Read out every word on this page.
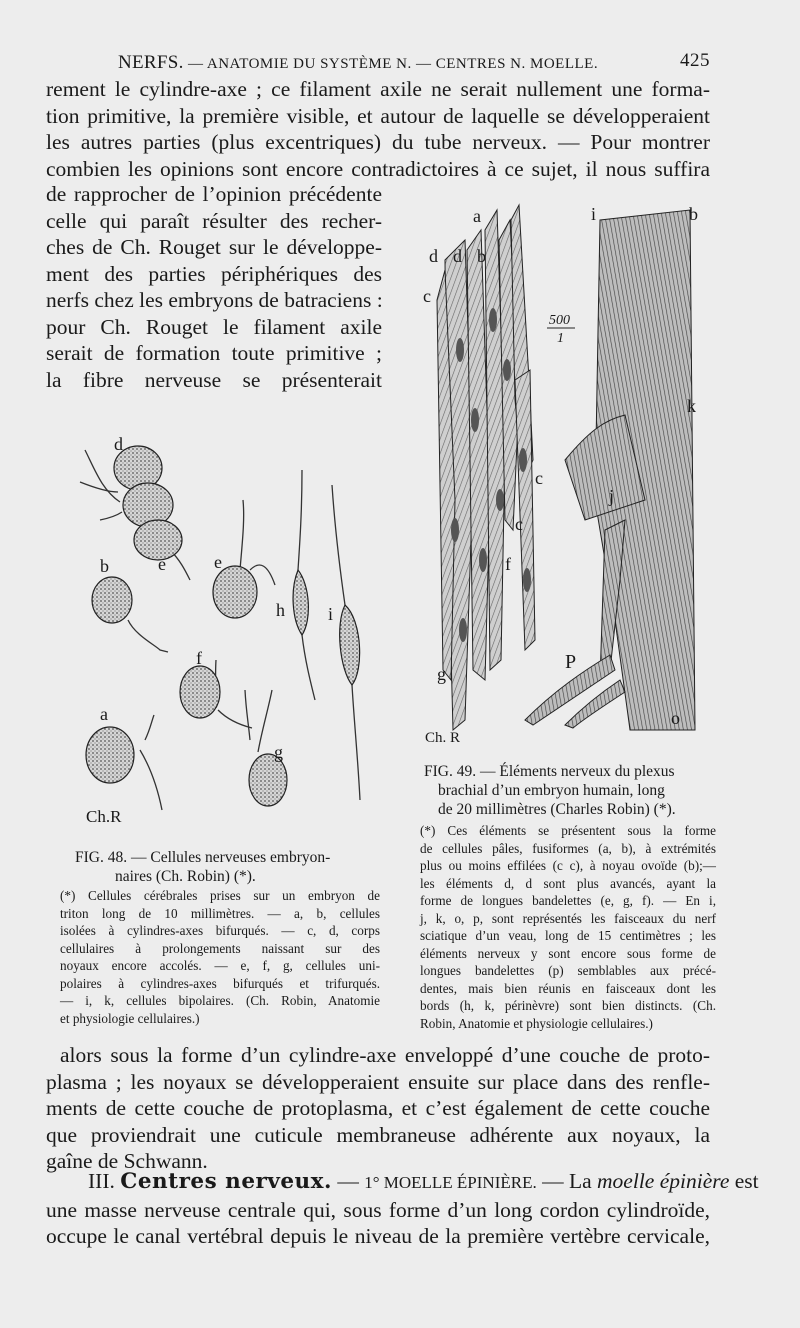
NERFS. — ANATOMIE DU SYSTÈME N. — CENTRES N. MOELLE.	425
rement le cylindre-axe ; ce filament axile ne serait nullement une forma-
tion primitive, la première visible, et autour de laquelle se développeraient
les autres parties (plus excentriques) du tube nerveux. — Pour montrer
combien les opinions sont encore contradictoires à ce sujet, il nous suffira
de rapprocher de l’opinion précédente
celle qui paraît résulter des recher-
ches de Ch. Rouget sur le développe-
ment des parties périphériques des
nerfs chez les embryons de batraciens :
pour Ch. Rouget le filament axile
serait de formation toute primitive ;
la fibre nerveuse se présenterait
d
b	e	e
h i
f
a
g
Ch.R
FIG. 48. — Cellules nerveuses embryon-
naires (Ch. Robin) (*).
(*) Cellules cérébrales prises sur un embryon de
triton long de 10 millimètres. — a, b, cellules
isolées à cylindres-axes bifurqués. — c, d, corps
cellulaires à prolongements naissant sur des
noyaux encore accolés. — e, f, g, cellules uni-
polaires à cylindres-axes bifurqués et trifurqués.
— i, k, cellules bipolaires. (Ch. Robin, Anatomie
et physiologie cellulaires.)
a
d d b
c
c
c
f
g
i	b
k
j
P
o
500
1
Ch. R
FIG. 49. — Éléments nerveux du plexus
brachial d’un embryon humain, long
de 20 millimètres (Charles Robin) (*).
(*) Ces éléments se présentent sous la forme
de cellules pâles, fusiformes (a, b), à extrémités
plus ou moins effilées (c c), à noyau ovoïde (b);—
les éléments d, d sont plus avancés, ayant la
forme de longues bandelettes (e, g, f). — En i,
j, k, o, p, sont représentés les faisceaux du nerf
sciatique d’un veau, long de 15 centimètres ; les
éléments nerveux y sont encore sous forme de
longues bandelettes (p) semblables aux précé-
dentes, mais bien réunis en faisceaux dont les
bords (h, k, périnèvre) sont bien distincts. (Ch.
Robin, Anatomie et physiologie cellulaires.)
alors sous la forme d’un cylindre-axe enveloppé d’une couche de proto-
plasma ; les noyaux se développeraient ensuite sur place dans des renfle-
ments de cette couche de protoplasma, et c’est également de cette couche
que proviendrait une cuticule membraneuse adhérente aux noyaux, la
gaîne de Schwann.
III. Centres nerveux. — 1° MOELLE ÉPINIÈRE. — La moelle épinière est
une masse nerveuse centrale qui, sous forme d’un long cordon cylindroïde,
occupe le canal vertébral depuis le niveau de la première vertèbre cervicale,
